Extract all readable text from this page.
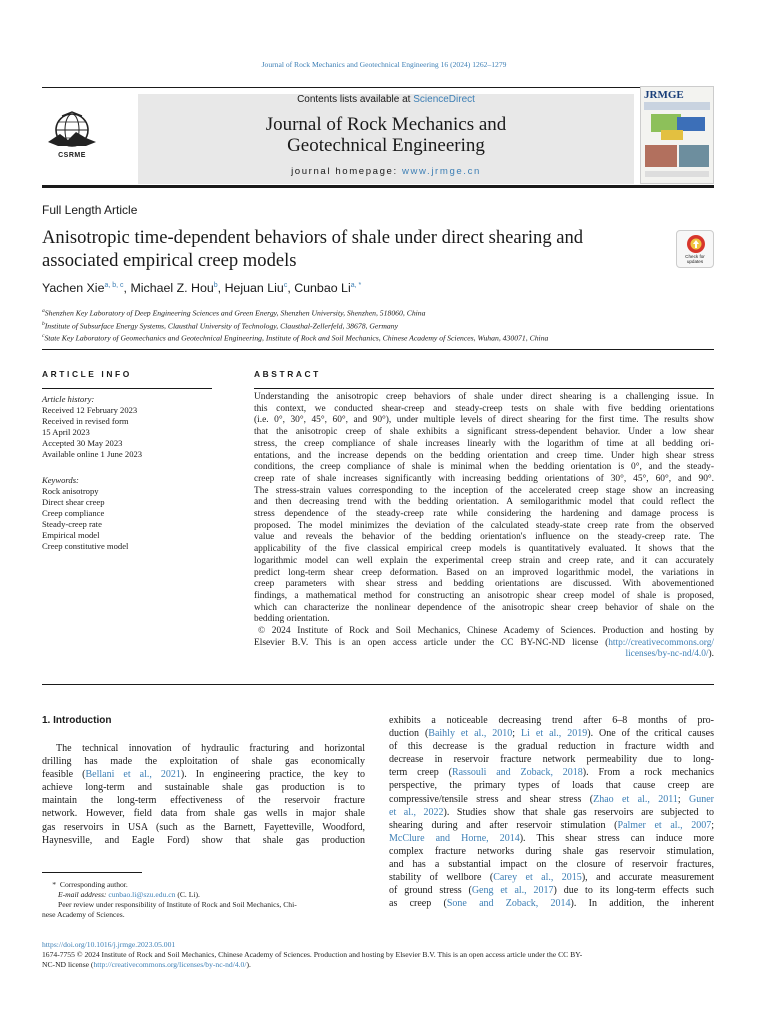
Journal of Rock Mechanics and Geotechnical Engineering 16 (2024) 1262–1279
CSRME
Contents lists available at ScienceDirect
Journal of Rock Mechanics and
Geotechnical Engineering
journal homepage: www.jrmge.cn
JRMGE
Full Length Article
Anisotropic time-dependent behaviors of shale under direct shearing and
associated empirical creep models	Check for updates
Yachen Xie$^{a, b, c}$, Michael Z. Hou$^b$, Hejuan Liu$^c$, Cunbao $Li^{a, *}$
$^a$Shenzhen Key Laboratory of Deep Engineering Sciences and Green Energy, Shenzhen University, Shenzhen, 518060, China
$^b$Institute of Subsurface Energy Systems, Clausthal University of Technology, Clausthal-Zellerfeld, 38678, Germany
$^c$State Key Laboratory of Geomechanics and Geotechnical Engineering, Institute of Rock and Soil Mechanics, Chinese Academy of Sciences, Wuhan, 430071, China
ARTICLE INFO
Article history:
Received 12 February 2023
Received in revised form
15 April 2023
Accepted 30 May 2023
Available online 1 June 2023
Keywords:
Rock anisotropy
Direct shear creep
Creep compliance
Steady-creep rate
Empirical model
Creep constitutive model
ABSTRACT
Understanding the anisotropic creep behaviors of shale under direct shearing is a challenging issue. In
this context, we conducted shear-creep and steady-creep tests on shale with five bedding orientations
(i.e. 0°, 30°, 45°, 60°, and 90°), under multiple levels of direct shearing for the first time. The results show
that the anisotropic creep of shale exhibits a significant stress-dependent behavior. Under a low shear
stress, the creep compliance of shale increases linearly with the logarithm of time at all bedding ori-
entations, and the increase depends on the bedding orientation and creep time. Under high shear stress
conditions, the creep compliance of shale is minimal when the bedding orientation is 0°, and the steady-
creep rate of shale increases significantly with increasing bedding orientations of 30°, 45°, 60°, and 90°.
The stress-strain values corresponding to the inception of the accelerated creep stage show an increasing
and then decreasing trend with the bedding orientation. A semilogarithmic model that could reflect the
stress dependence of the steady-creep rate while considering the hardening and damage process is
proposed. The model minimizes the deviation of the calculated steady-state creep rate from the observed
value and reveals the behavior of the bedding orientation's influence on the steady-creep rate. The
applicability of the five classical empirical creep models is quantitatively evaluated. It shows that the
logarithmic model can well explain the experimental creep strain and creep rate, and it can accurately
predict long-term shear creep deformation. Based on an improved logarithmic model, the variations in
creep parameters with shear stress and bedding orientations are discussed. With abovementioned
findings, a mathematical method for constructing an anisotropic shear creep model of shale is proposed,
which can characterize the nonlinear dependence of the anisotropic shear creep behavior of shale on the
bedding orientation.
© 2024 Institute of Rock and Soil Mechanics, Chinese Academy of Sciences. Production and hosting by
Elsevier B.V. This is an open access article under the CC BY-NC-ND license (http://creativecommons.org/
licenses/by-nc-nd/4.0/).
1. Introduction
The technical innovation of hydraulic fracturing and horizontal
drilling has made the exploitation of shale gas economically
feasible (Bellani et al., 2021). In engineering practice, the key to
achieve long-term and sustainable shale gas production is to
maintain the long-term effectiveness of the reservoir fracture
network. However, field data from shale gas wells in major shale
gas reservoirs in USA (such as the Barnett, Fayetteville, Woodford,
Haynesville, and Eagle Ford) show that shale gas production
exhibits a noticeable decreasing trend after 6–8 months of pro-
duction (Baihly et al., 2010; Li et al., 2019). One of the critical causes
of this decrease is the gradual reduction in fracture width and
decrease in reservoir fracture network permeability due to long-
term creep (Rassouli and Zoback, 2018). From a rock mechanics
perspective, the primary types of loads that cause creep are
compressive/tensile stress and shear stress (Zhao et al., 2011; Guner
et al., 2022). Studies show that shale gas reservoirs are subjected to
shearing during and after reservoir stimulation (Palmer et al., 2007;
McClure and Horne, 2014). This shear stress can induce more
complex fracture networks during shale gas reservoir stimulation,
and has a substantial impact on the closure of reservoir fractures,
stability of wellbore (Carey et al., 2015), and accurate measurement
of ground stress (Geng et al., 2017) due to its long-term effects such
as creep (Sone and Zoback, 2014). In addition, the inherent
* Corresponding author.
E-mail address: cunbao.li@szu.edu.cn (C. Li).
Peer review under responsibility of Institute of Rock and Soil Mechanics, Chi-
nese Academy of Sciences.
https://doi.org/10.1016/j.jrmge.2023.05.001
1674-7755 © 2024 Institute of Rock and Soil Mechanics, Chinese Academy of Sciences. Production and hosting by Elsevier B.V. This is an open access article under the CC BY-
NC-ND license (http://creativecommons.org/licenses/by-nc-nd/4.0/).
